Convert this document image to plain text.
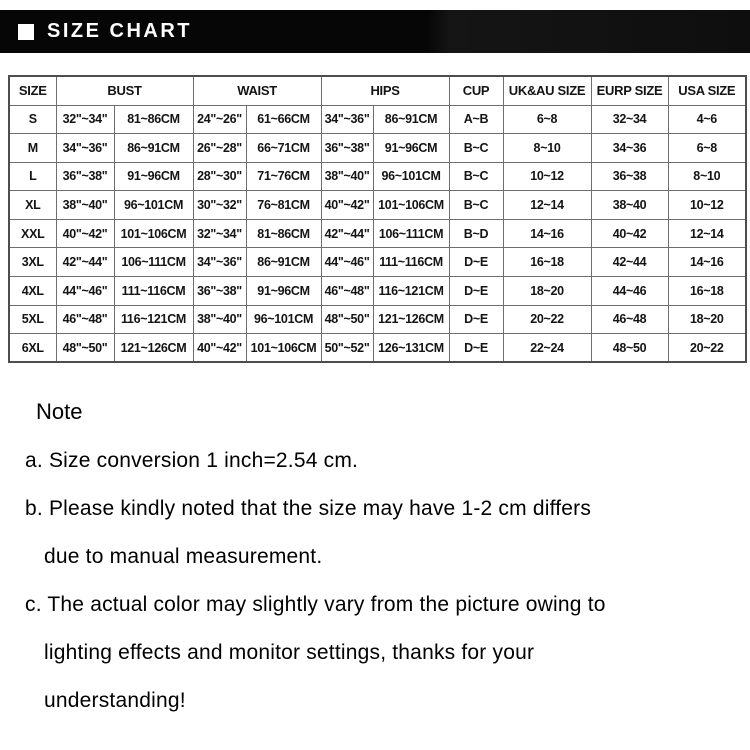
SIZE CHART
SIZE	BUST		WAIST		HIPS		CUP	UK&AU SIZE	EURP SIZE	USA SIZE
S	32"~34"	81~86CM	24"~26"	61~66CM	34"~36"	86~91CM	A~B	6~8	32~34	4~6
M	34"~36"	86~91CM	26"~28"	66~71CM	36"~38"	91~96CM	B~C	8~10	34~36	6~8
L	36"~38"	91~96CM	28"~30"	71~76CM	38"~40"	96~101CM	B~C	10~12	36~38	8~10
XL	38"~40"	96~101CM	30"~32"	76~81CM	40"~42"	101~106CM	B~C	12~14	38~40	10~12
XXL	40"~42"	101~106CM	32"~34"	81~86CM	42"~44"	106~111CM	B~D	14~16	40~42	12~14
3XL	42"~44"	106~111CM	34"~36"	86~91CM	44"~46"	111~116CM	D~E	16~18	42~44	14~16
4XL	44"~46"	111~116CM	36"~38"	91~96CM	46"~48"	116~121CM	D~E	18~20	44~46	16~18
5XL	46"~48"	116~121CM	38"~40"	96~101CM	48"~50"	121~126CM	D~E	20~22	46~48	18~20
6XL	48"~50"	121~126CM	40"~42"	101~106CM	50"~52"	126~131CM	D~E	22~24	48~50	20~22
Note
a. Size conversion 1 inch=2.54 cm.
b. Please kindly noted that the size may have 1-2 cm differs
due to manual measurement.
c. The actual color may slightly vary from the picture owing to
lighting effects and monitor settings, thanks for your
understanding!
